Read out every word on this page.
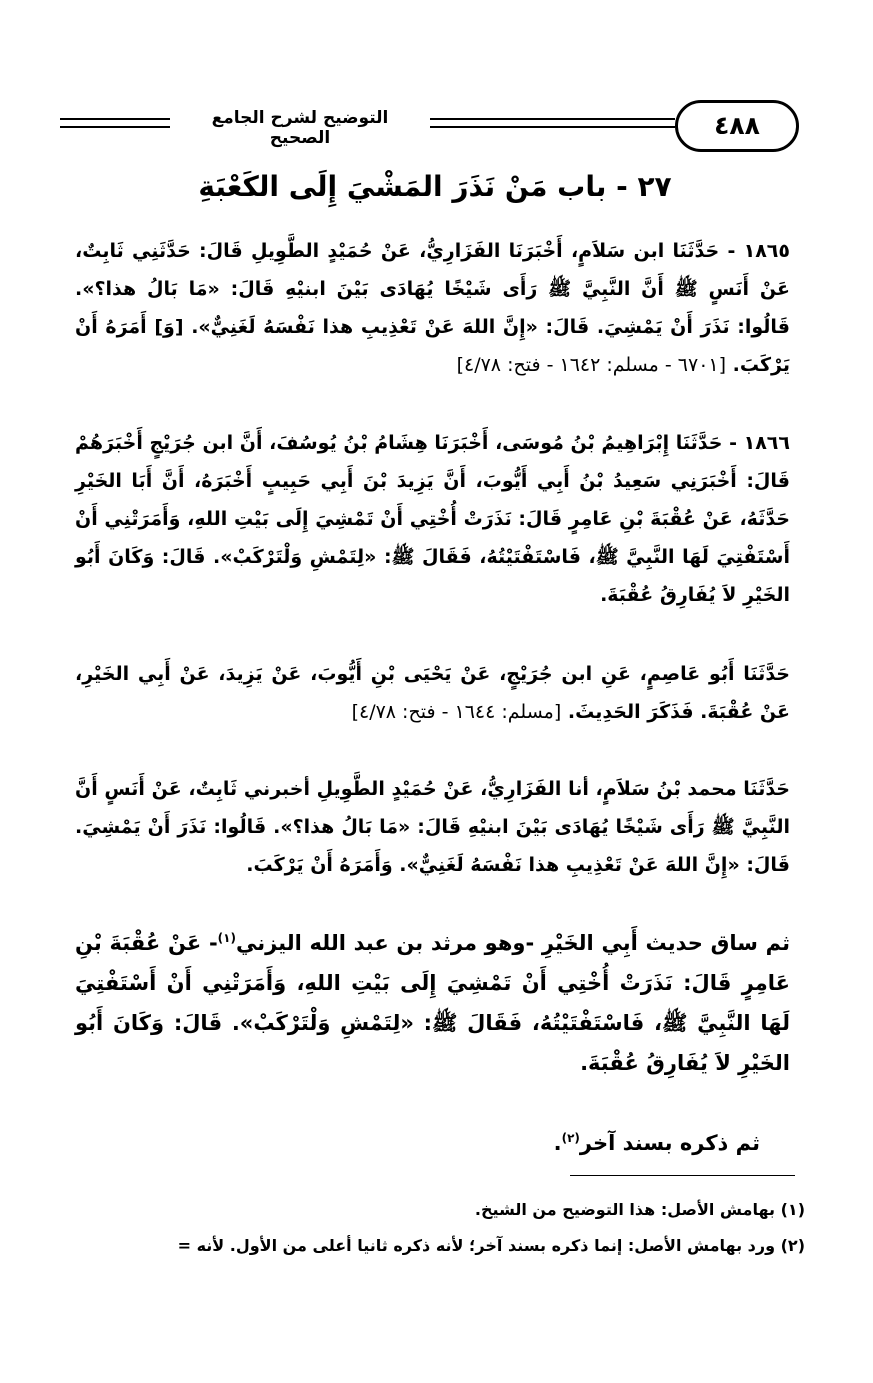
التوضيح لشرح الجامع الصحيح	٤٨٨
٢٧ - باب مَنْ نَذَرَ المَشْيَ إِلَى الكَعْبَةِ
١٨٦٥ - حَدَّثَنَا ابن سَلاَمٍ، أَخْبَرَنَا الفَزَارِيُّ، عَنْ حُمَيْدٍ الطَّوِيلِ قَالَ: حَدَّثَنِي ثَابِتٌ، عَنْ أَنَسٍ ﷺ أَنَّ النَّبِيَّ ﷺ رَأَى شَيْخًا يُهَادَى بَيْنَ ابنيْهِ قَالَ: «مَا بَالُ هذا؟». قَالُوا: نَذَرَ أَنْ يَمْشِيَ. قَالَ: «إِنَّ اللهَ عَنْ تَعْذِيبِ هذا نَفْسَهُ لَغَنِيٌّ». [وَ] أَمَرَهُ أَنْ يَرْكَبَ. [٦٧٠١ - مسلم: ١٦٤٢ - فتح: ٤/٧٨]
١٨٦٦ - حَدَّثَنَا إِبْرَاهِيمُ بْنُ مُوسَى، أَخْبَرَنَا هِشَامُ بْنُ يُوسُفَ، أَنَّ ابن جُرَيْجٍ أَخْبَرَهُمْ قَالَ: أَخْبَرَنِي سَعِيدُ بْنُ أَبِي أَيُّوبَ، أَنَّ يَزِيدَ بْنَ أَبِي حَبِيبٍ أَخْبَرَهُ، أَنَّ أَبَا الخَيْرِ حَدَّثَهُ، عَنْ عُقْبَةَ بْنِ عَامِرٍ قَالَ: نَذَرَتْ أُخْتِي أَنْ تَمْشِيَ إِلَى بَيْتِ اللهِ، وَأَمَرَتْنِي أَنْ أَسْتَفْتِيَ لَهَا النَّبِيَّ ﷺ، فَاسْتَفْتَيْتُهُ، فَقَالَ ﷺ: «لِتَمْشِ وَلْتَرْكَبْ». قَالَ: وَكَانَ أَبُو الخَيْرِ لاَ يُفَارِقُ عُقْبَةَ.
حَدَّثَنَا أَبُو عَاصِمٍ، عَنِ ابن جُرَيْجٍ، عَنْ يَحْيَى بْنِ أَيُّوبَ، عَنْ يَزِيدَ، عَنْ أَبِي الخَيْرِ، عَنْ عُقْبَةَ. فَذَكَرَ الحَدِيثَ. [مسلم: ١٦٤٤ - فتح: ٤/٧٨]
حَدَّثَنَا محمد بْنُ سَلاَمٍ، أنا الفَزَارِيُّ، عَنْ حُمَيْدٍ الطَّوِيلِ أخبرني ثَابِتٌ، عَنْ أَنَسٍ أَنَّ النَّبِيَّ ﷺ رَأَى شَيْخًا يُهَادَى بَيْنَ ابنيْهِ قَالَ: «مَا بَالُ هذا؟». قَالُوا: نَذَرَ أَنْ يَمْشِيَ. قَالَ: «إِنَّ اللهَ عَنْ تَعْذِيبِ هذا نَفْسَهُ لَغَنِيٌّ». وَأَمَرَهُ أَنْ يَرْكَبَ.
ثم ساق حديث أَبِي الخَيْرِ -وهو مرثد بن عبد الله اليزني$^{(١)}$- عَنْ عُقْبَةَ بْنِ عَامِرٍ قَالَ: نَذَرَتْ أُخْتِي أَنْ تَمْشِيَ إِلَى بَيْتِ اللهِ، وَأَمَرَتْنِي أَنْ أَسْتَفْتِيَ لَهَا النَّبِيَّ ﷺ، فَاسْتَفْتَيْتُهُ، فَقَالَ ﷺ: «لِتَمْشِ وَلْتَرْكَبْ». قَالَ: وَكَانَ أَبُو الخَيْرِ لاَ يُفَارِقُ عُقْبَةَ.
ثم ذكره بسند آخر$^{(٢)}$.
(١) بهامش الأصل: هذا التوضيح من الشيخ.
(٢) ورد بهامش الأصل: إنما ذكره بسند آخر؛ لأنه ذكره ثانيا أعلى من الأول. لأنه =
